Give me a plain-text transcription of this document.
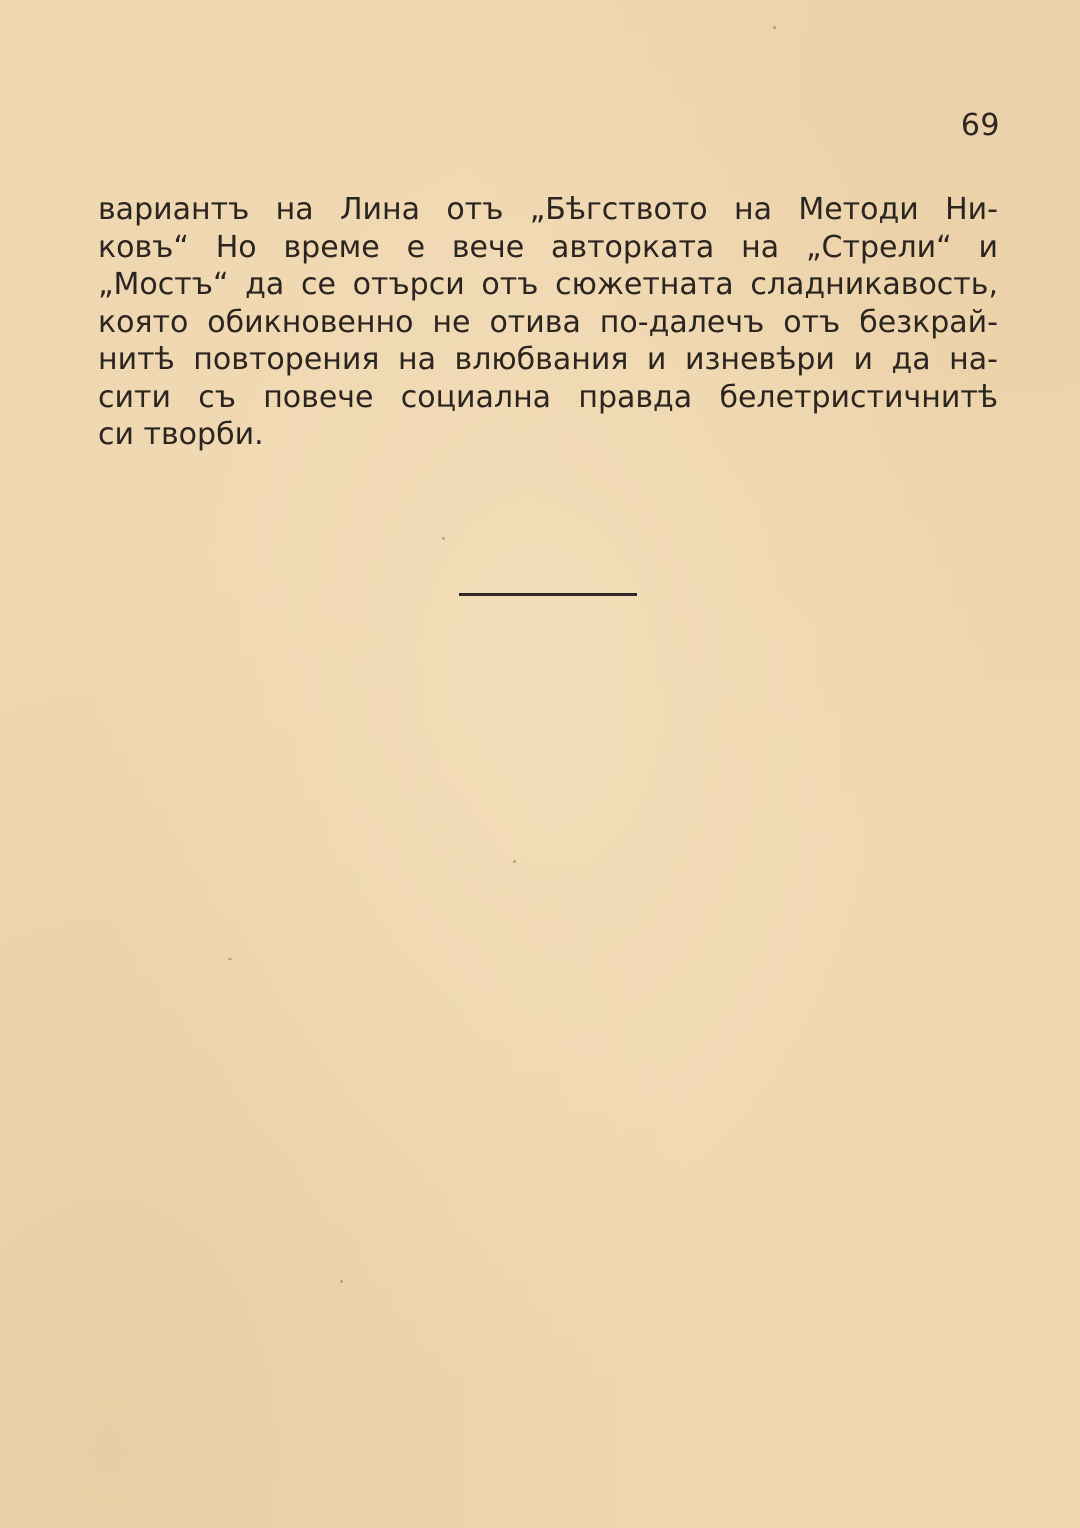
69
вариантъ на Лина отъ „Бѣгството на Методи Ни-
ковъ“ Но време е вече авторката на „Стрели“ и
„Мостъ“ да се отърси отъ сюжетната сладникавость,
която обикновенно не отива по-далечъ отъ безкрай-
нитѣ повторения на влюбвания и изневѣри и да на-
сити съ повече социална правда белетристичнитѣ
си творби.
